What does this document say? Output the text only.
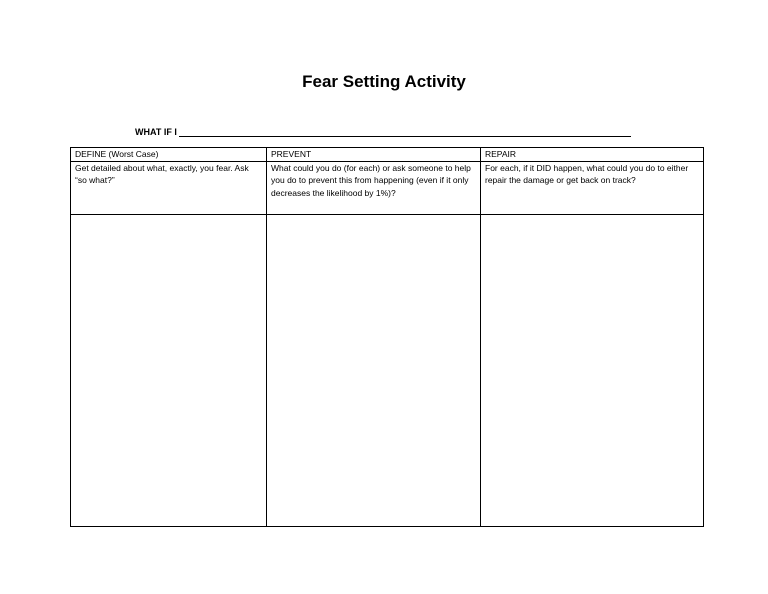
Fear Setting Activity
WHAT IF I
DEFINE (Worst Case)	PREVENT	REPAIR
Get detailed about what, exactly, you fear. Ask “so what?”	What could you do (for each) or ask someone to help you do to prevent this from happening (even if it only decreases the likelihood by 1%)?	For each, if it DID happen, what could you do to either repair the damage or get back on track?
